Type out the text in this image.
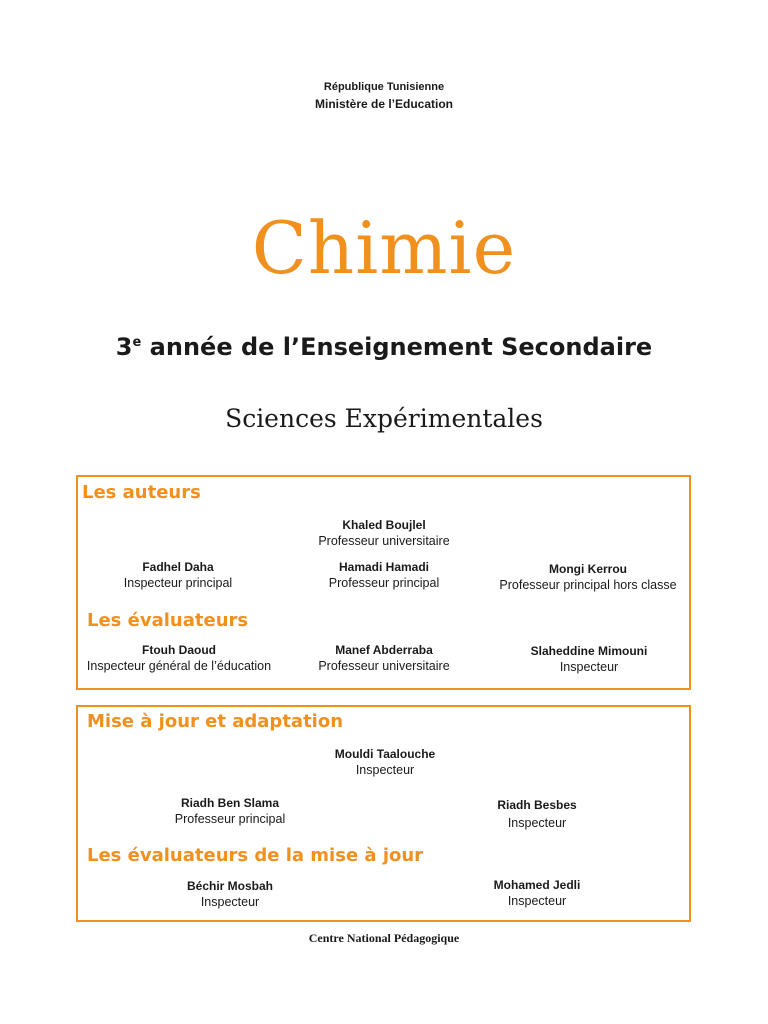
République Tunisienne
Ministère de l’Education
Chimie
3e année de l’Enseignement Secondaire
Sciences Expérimentales
Les auteurs
Khaled Boujlel
Professeur universitaire
Fadhel Daha
Inspecteur principal
Hamadi Hamadi
Professeur principal
Mongi Kerrou
Professeur principal hors classe
Les évaluateurs
Ftouh Daoud
Inspecteur général de l’éducation
Manef Abderraba
Professeur universitaire
Slaheddine Mimouni
Inspecteur
Mise à jour et adaptation
Mouldi Taalouche
Inspecteur
Riadh Ben Slama
Professeur principal
Riadh Besbes
Inspecteur
Les évaluateurs de la mise à jour
Béchir Mosbah
Inspecteur
Mohamed Jedli
Inspecteur
Centre National Pédagogique
